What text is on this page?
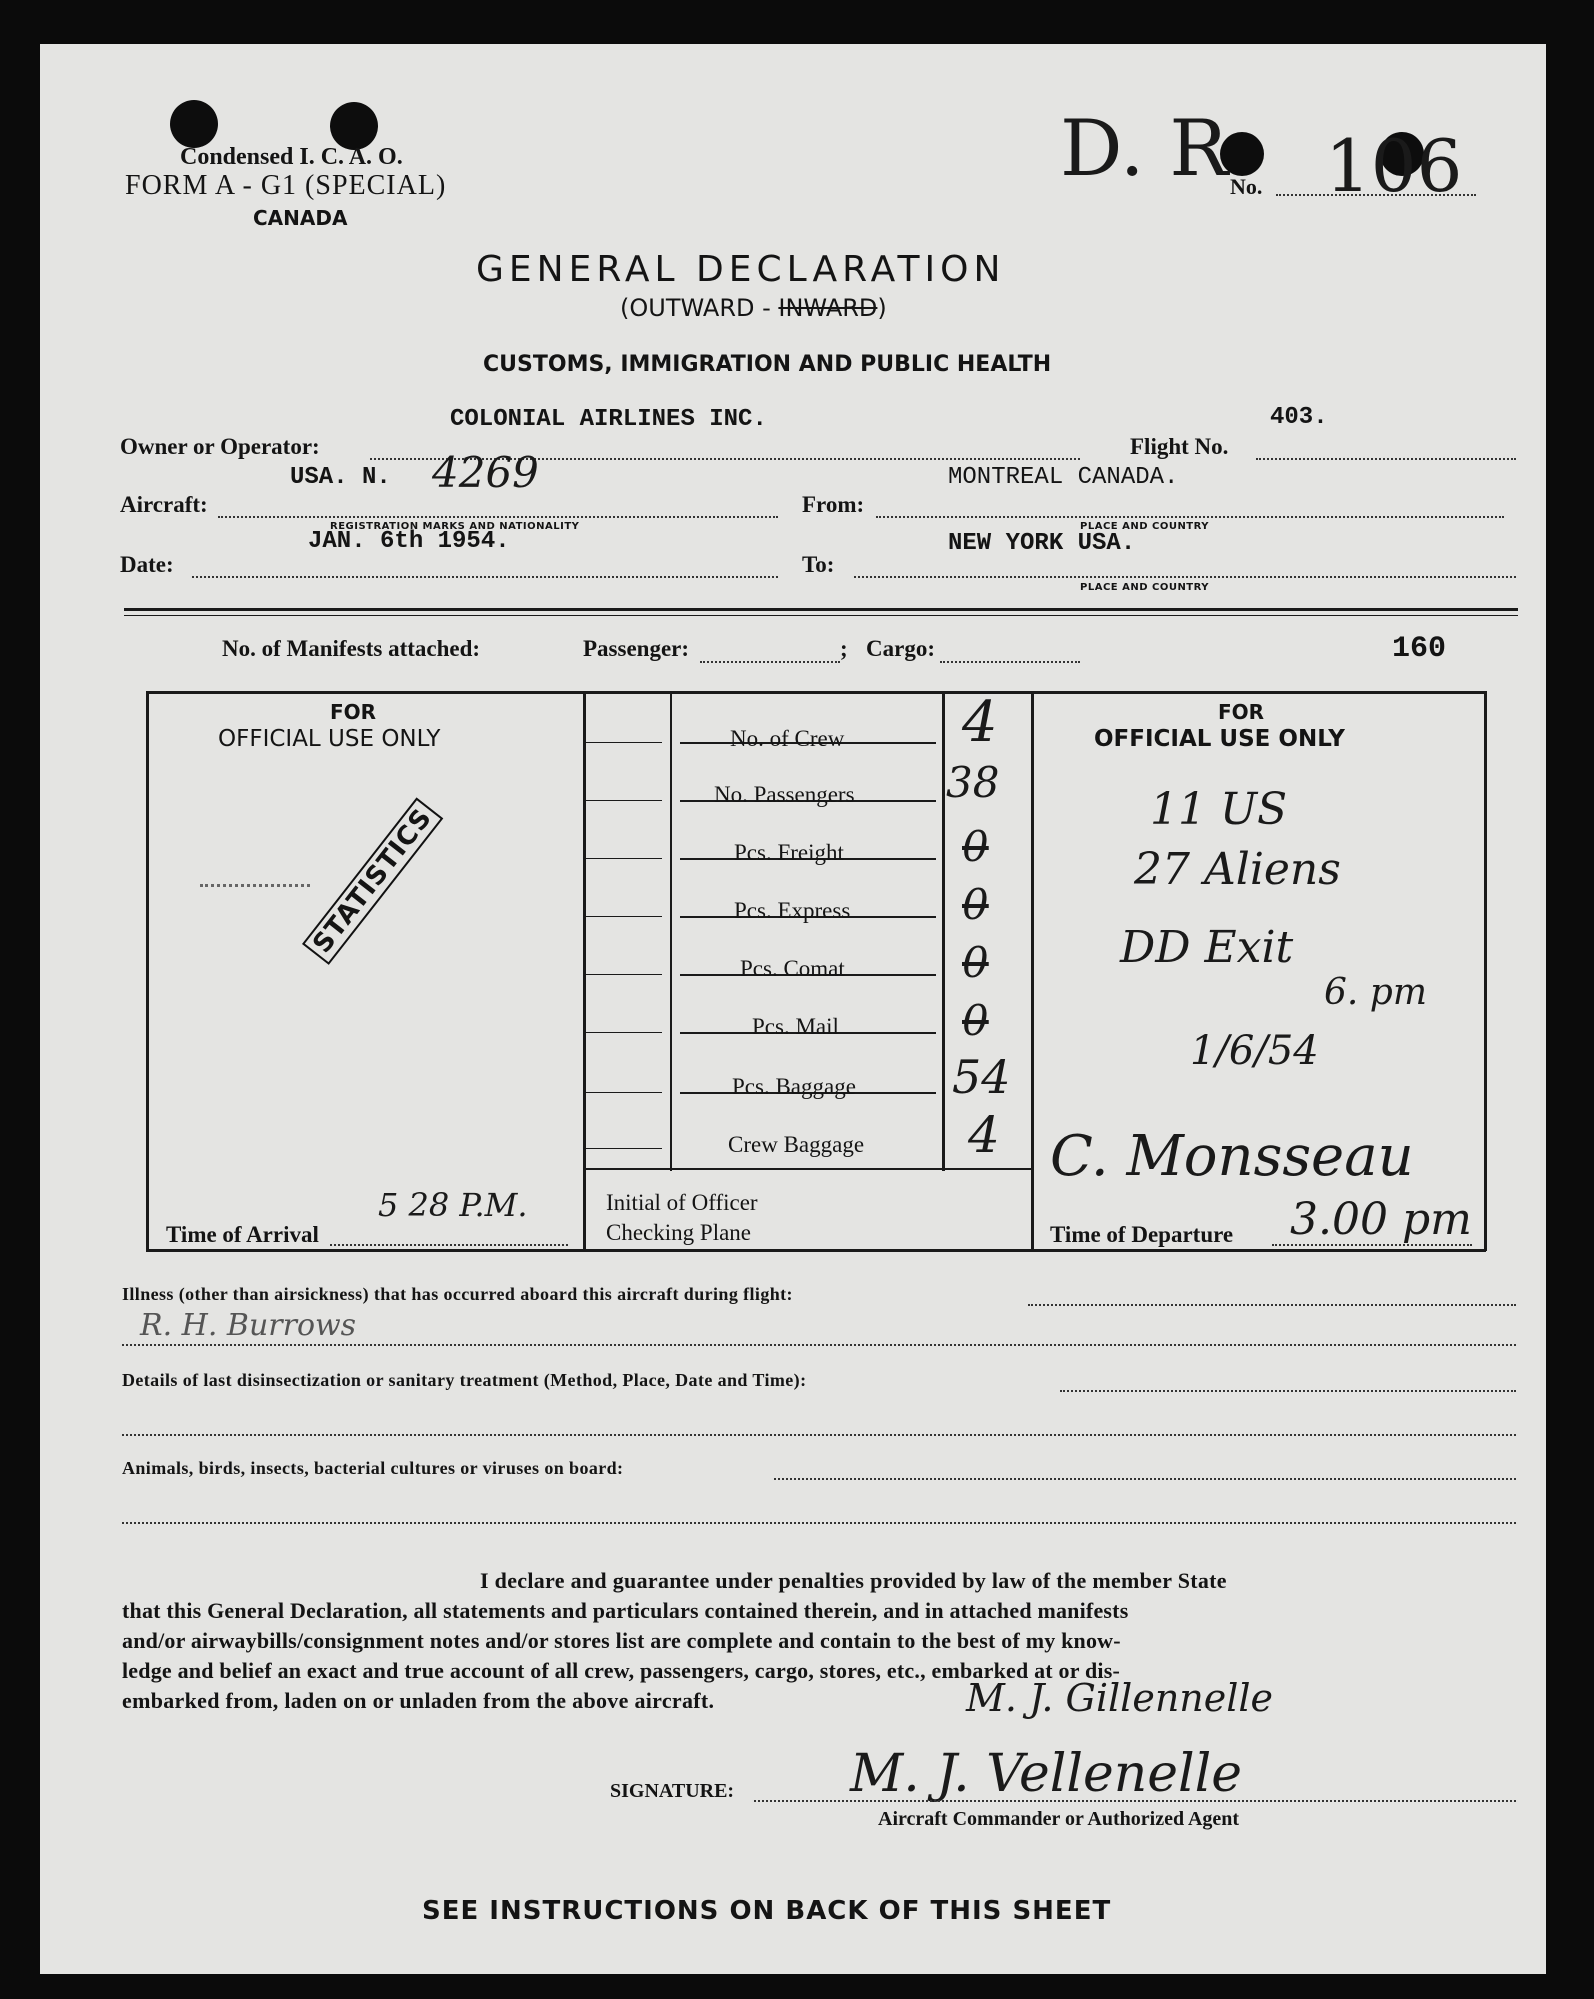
Condensed I. C. A. O.
FORM A - G1 (SPECIAL)
CANADA
D. R No. 106
GENERAL DECLARATION
(OUTWARD - INWARD)
CUSTOMS, IMMIGRATION AND PUBLIC HEALTH
COLONIAL AIRLINES INC.	403.
Owner or Operator:	Flight No.
USA. N. 4269	MONTREAL CANADA.
Aircraft:
REGISTRATION MARKS AND NATIONALITY
From:
PLACE AND COUNTRY
JAN. 6th 1954.	NEW YORK USA.
Date:	To:
PLACE AND COUNTRY
No. of Manifests attached:	Passenger:	; Cargo:	160
FOR
OFFICIAL USE ONLY
FOR
OFFICIAL USE ONLY
STATISTICS
No. of Crew 4
No. Passengers 38
Pcs. Freight	0
Pcs. Express	0
Pcs. Comat	0
Pcs. Mail	0
Pcs. Baggage 54
Crew Baggage 4
11 US
27 Aliens
DD Exit
6. pm
1/6/54
C. Monsseau
Time of Arrival
5 28 P.M.	Initial of Officer
Checking Plane	Time of Departure 3.00 pm
Illness (other than airsickness) that has occurred aboard this aircraft during flight:
R. H. Burrows
Details of last disinsectization or sanitary treatment (Method, Place, Date and Time):
Animals, birds, insects, bacterial cultures or viruses on board:
I declare and guarantee under penalties provided by law of the member State
that this General Declaration, all statements and particulars contained therein, and in attached manifests
and/or airwaybills/consignment notes and/or stores list are complete and contain to the best of my know-
ledge and belief an exact and true account of all crew, passengers, cargo, stores, etc., embarked at or dis-
embarked from, laden on or unladen from the above aircraft.	M. J. Gillennelle
M. J. Vellenelle
SIGNATURE:
Aircraft Commander or Authorized Agent
SEE INSTRUCTIONS ON BACK OF THIS SHEET
